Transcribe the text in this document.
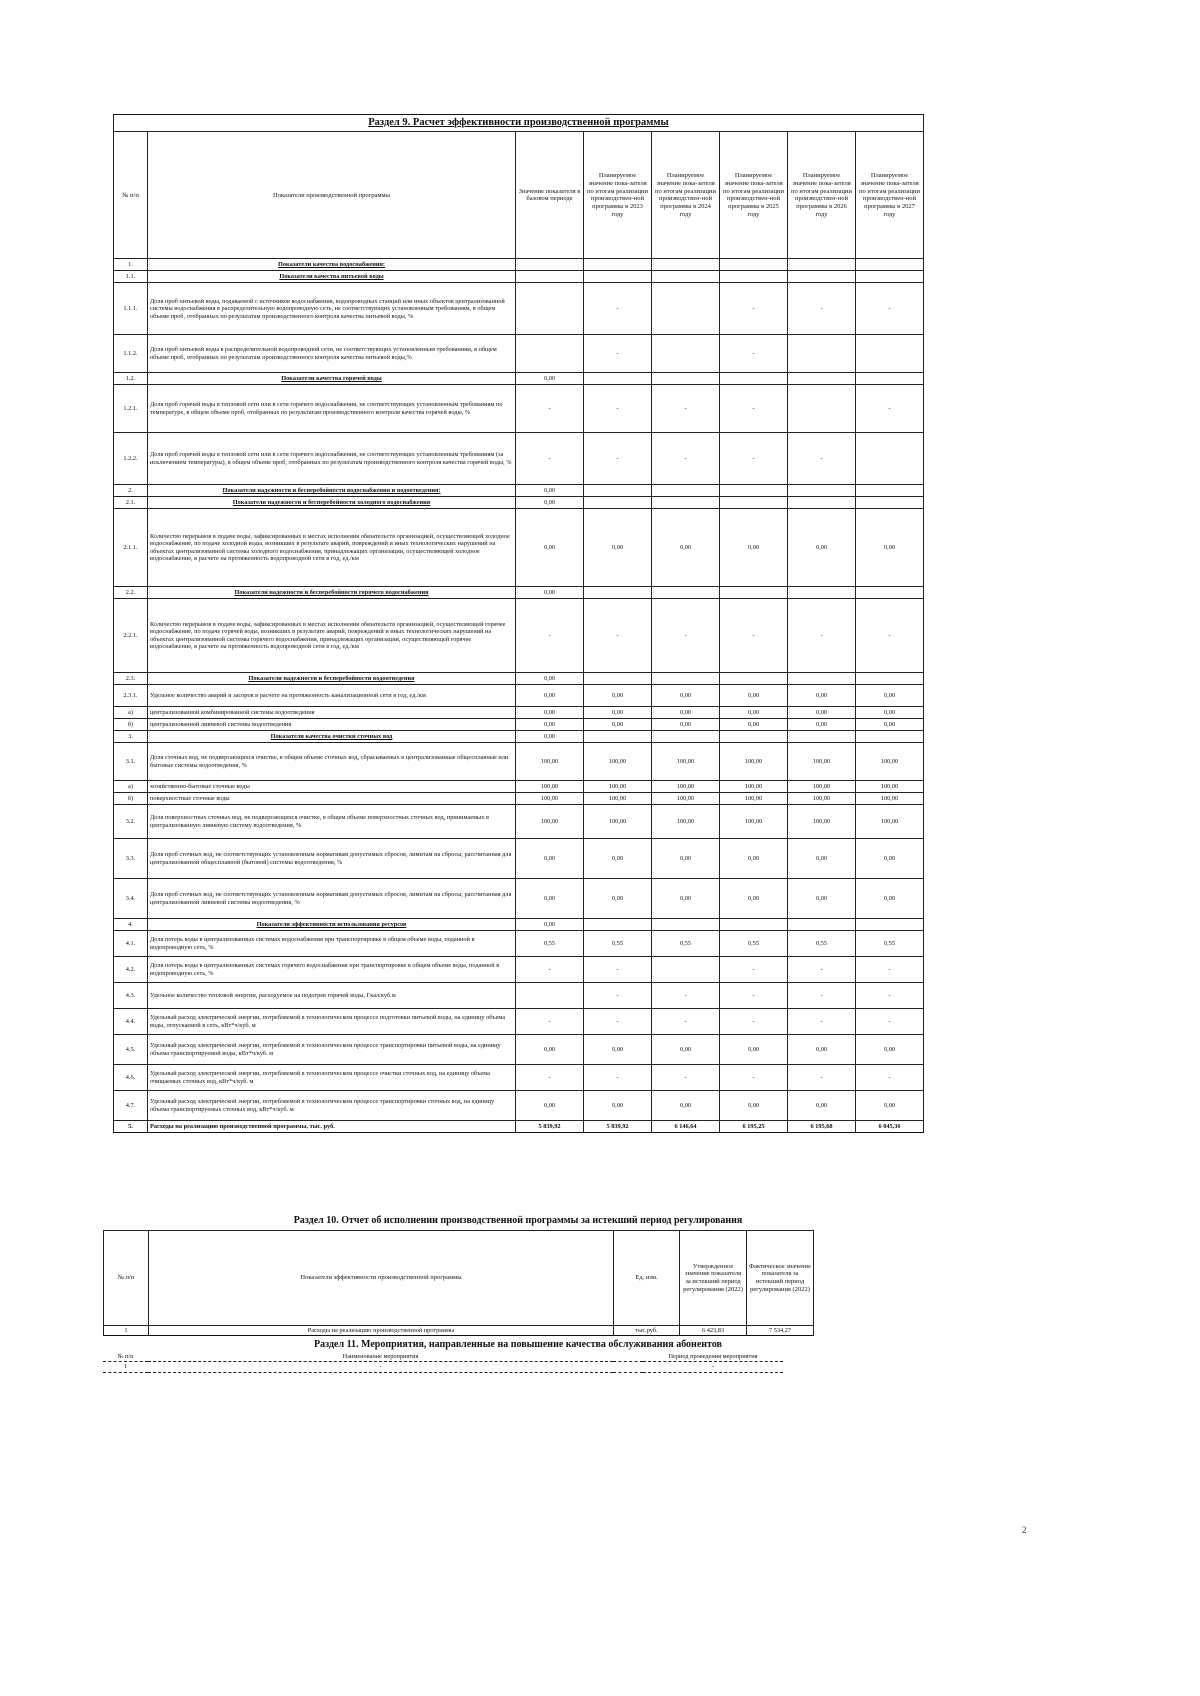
Раздел 9. Расчет эффективности производственной программы							
№ п/п	Показатели производственной программы	Значение показателя в базовом периоде	Планируемое значение пока-зателя по итогам реализации производствен-ной программы в 2023 году	Планируемое значение пока-зателя по итогам реализации производствен-ной программы в 2024 году	Планируемое значение пока-зателя по итогам реализации производствен-ной программы в 2025 году	Планируемое значение пока-зателя по итогам реализации производствен-ной программы в 2026 году	Планируемое значение пока-зателя по итогам реализации производствен-ной программы в 2027 году
1.	Показатели качества водоснабжения:						
1.1.	Показатели качества питьевой воды						
1.1.1.	Доля проб питьевой воды, подаваемой с источников водоснабжения, водопроводных станций или иных объектов централизованной системы водоснабжения в распределительную водопроводную сеть, не соответствующих установленным требованиям, в общем объеме проб, отобранных по результатам производственного контроля качества питьевой воды, %		-		-	-	-
1.1.2.	Доля проб питьевой воды в распределительной водопроводной сети, не соответствующих установленным требованиям, в общем объеме проб, отобранных по результатам производственного контроля качества питьевой воды,%		-		-		
1.2.	Показатели качества горячей воды	0,00					
1.2.1.	Доля проб горячей воды в тепловой сети или в сети горячего водоснабжения, не соответствующих установленным требованиям по температуре, в общем объеме проб, отобранных по результатам производственного контроля качества горячей воды, %	-	-	-	-		-
1.2.2.	Доля проб горячей воды в тепловой сети или в сети горячего водоснабжения, не соответствующих установленным требованиям (за исключением температуры), в общем объеме проб, отобранных по результатам производственного контроля качества горячей воды, %	-	-	-	-	-	
2.	Показатели надежности и бесперебойности водоснабжения и водоотведения:	0,00					
2.1.	Показатели надежности и бесперебойности холодного водоснабжения	0,00					
2.1.1.	Количество перерывов в подаче воды, зафиксированных в местах исполнения обязательств организацией, осуществляющей холодное водоснабжение, по подаче холодной воды, возникших в результате аварий, повреждений и иных технологических нарушений на объектах централизованной системы холодного водоснабжения, принадлежащих организации, осуществляющей холодное водоснабжение, в расчете на протяженность водопроводной сети в год, ед./км	0,00	0,00	0,00	0,00	0,00	0,00
2.2.	Показатели надежности и бесперебойности горячего водоснабжения	0,00					
2.2.1.	Количество перерывов в подаче воды, зафиксированных в местах исполнения обязательств организацией, осуществляющей горячее водоснабжение, по подаче горячей воды, возникших в результате аварий, повреждений и иных технологических нарушений на объектах централизованной системы горячего водоснабжения, принадлежащих организации, осуществляющей горячее водоснабжение, в расчете на протяженность водопроводной сети в год, ед./км	-	-	-	-	-	-
2.3.	Показатели надежности и бесперебойности водоотведения	0,00					
2.3.1.	Удельное количество аварий и засоров в расчете на протяженность канализационной сети в год, ед./км	0,00	0,00	0,00	0,00	0,00	0,00
а)	централизованной комбинированной системы водоотведения	0,00	0,00	0,00	0,00	0,00	0,00
б)	централизованной ливневой системы водоотведения	0,00	0,00	0,00	0,00	0,00	0,00
3.	Показатели качества очистки сточных вод	0,00					
3.1.	Доля сточных вод, не подвергающихся очистке, в общем объеме сточных вод, сбрасываемых в централизованные общесплавные или бытовые системы водоотведения, %	100,00	100,00	100,00	100,00	100,00	100,00
а)	хозяйственно-бытовые сточные воды	100,00	100,00	100,00	100,00	100,00	100,00
б)	поверхностные сточные воды	100,00	100,00	100,00	100,00	100,00	100,00
3.2.	Доля поверхностных сточных вод, не подвергающихся очистке, в общем объеме поверхностных сточных вод, принимаемых в централизованную ливневую систему водоотведения, %	100,00	100,00	100,00	100,00	100,00	100,00
3.3.	Доля проб сточных вод, не соответствующих установленным нормативам допустимых сбросов, лимитам на сбросы, рассчитанная для централизованной общесплавной (бытовой) системы водоотведения, %	0,00	0,00	0,00	0,00	0,00	0,00
3.4.	Доля проб сточных вод, не соответствующих установленным нормативам допустимых сбросов, лимитам на сбросы, рассчитанная для централизованной ливневой системы водоотведения, %	0,00	0,00	0,00	0,00	0,00	0,00
4.	Показатели эффективности использования ресурсов	0,00					
4.1.	Доля потерь воды в централизованных системах водоснабжения при транспортировке в общем объеме воды, поданной в водопроводную сеть, %	0,55	0,55	0,55	0,55	0,55	0,55
4.2.	Доля потерь воды в централизованных системах горячего водоснабжения при транспортировке в общем объеме воды, поданной в водопроводную сеть, %	-	-		-	-	-
4.3.	Удельное количество тепловой энергии, расходуемое на подогрев горячей воды, Гкал/куб.м		-	-	-	-	-
4.4.	Удельный расход электрической энергии, потребляемой в технологическом процессе подготовки питьевой воды, на единицу объема воды, отпускаемой в сеть, кВт*ч/куб. м	-	-	-	-	-	-
4.5.	Удельный расход электрической энергии, потребляемой в технологическом процессе транспортировки питьевой воды, на единицу объема транспортируемой воды, кВт*ч/куб. м	0,00	0,00	0,00	0,00	0,00	0,00
4.6.	Удельный расход электрической энергии, потребляемой в технологическом процессе очистки сточных вод, на единицу объема очищаемых сточных вод, кВт*ч/куб. м	-	-	-	-	-	-
4.7.	Удельный расход электрической энергии, потребляемой в технологическом процессе транспортировки сточных вод, на единицу объема транспортируемых сточных вод, кВт*ч/куб. м	0,00	0,00	0,00	0,00	0,00	0,00
5.	Расходы на реализацию производственной программы, тыс. руб.	5 839,92	5 839,92	6 146,64	6 195,25	6 195,68	6 045,36
Раздел 10. Отчет об исполнении производственной программы за истекший период регулирования
№ п/п	Показатели эффективности производственной программы	Ед. изм.	Утвержденное значение показателя за истекший период регулирования (2022)	Фактическое значение показателя за истекший период регулирования (2022)	
1	Расходы на реализацию производственной программы	тыс.руб.	6 423,83	7 534,27	
Раздел 11. Мероприятия, направленные на повышение качества обслуживания абонентов
№ п/п	Наименование мероприятия		Период проведения мероприятия	
1	-		-	
2
